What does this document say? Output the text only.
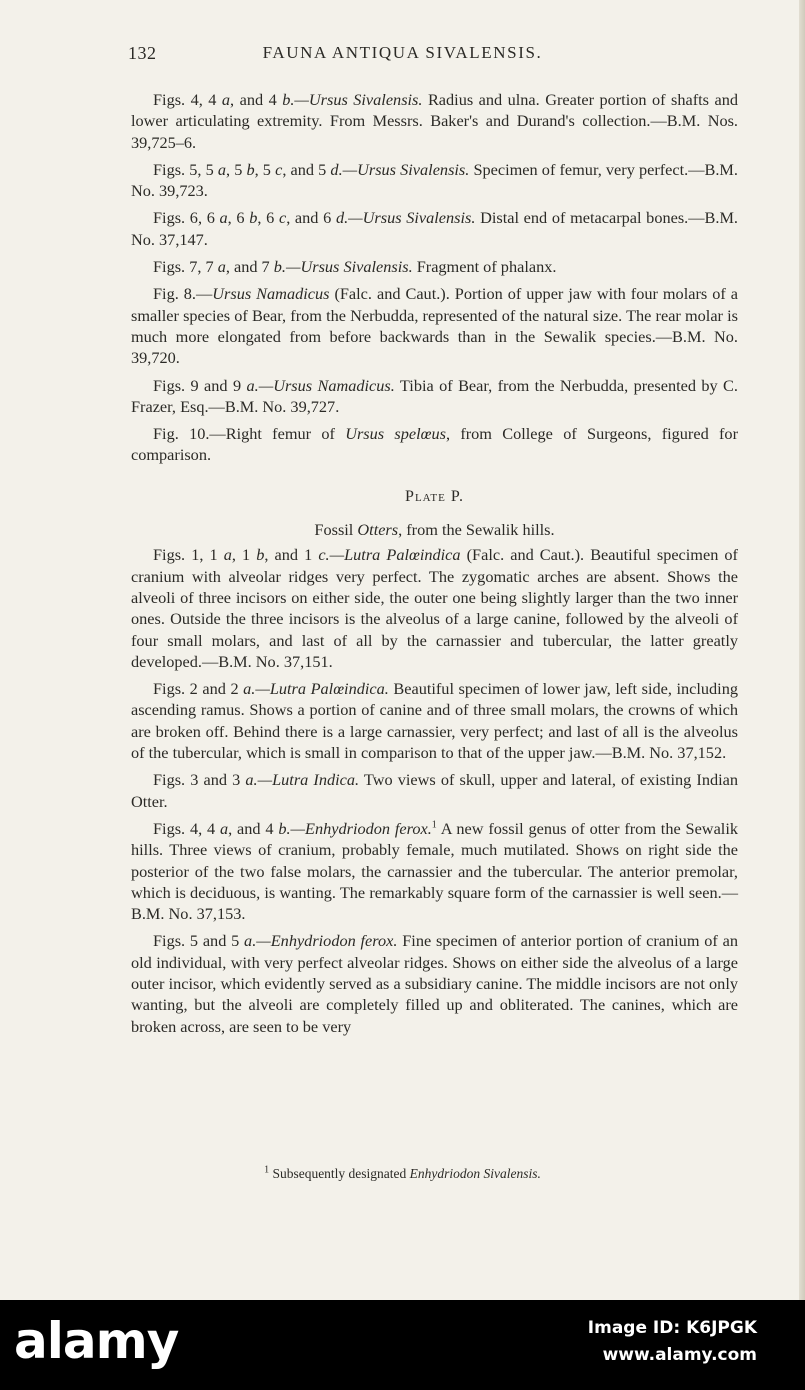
132	FAUNA ANTIQUA SIVALENSIS.

Figs. 4, 4 a, and 4 b.—Ursus Sivalensis. Radius and ulna. Greater portion of shafts and lower articulating extremity. From Messrs. Baker's and Durand's collection.—B.M. Nos. 39,725–6.

Figs. 5, 5 a, 5 b, 5 c, and 5 d.—Ursus Sivalensis. Specimen of femur, very perfect.—B.M. No. 39,723.

Figs. 6, 6 a, 6 b, 6 c, and 6 d.—Ursus Sivalensis. Distal end of metacarpal bones.—B.M. No. 37,147.

Figs. 7, 7 a, and 7 b.—Ursus Sivalensis. Fragment of phalanx.

Fig. 8.—Ursus Namadicus (Falc. and Caut.). Portion of upper jaw with four molars of a smaller species of Bear, from the Nerbudda, represented of the natural size. The rear molar is much more elongated from before backwards than in the Sewalik species.—B.M. No. 39,720.

Figs. 9 and 9 a.—Ursus Namadicus. Tibia of Bear, from the Nerbudda, presented by C. Frazer, Esq.—B.M. No. 39,727.

Fig. 10.—Right femur of Ursus spelœus, from College of Surgeons, figured for comparison.

Plate P.
Fossil Otters, from the Sewalik hills.

Figs. 1, 1 a, 1 b, and 1 c.—Lutra Palœindica (Falc. and Caut.). Beautiful specimen of cranium with alveolar ridges very perfect. The zygomatic arches are absent. Shows the alveoli of three incisors on either side, the outer one being slightly larger than the two inner ones. Outside the three incisors is the alveolus of a large canine, followed by the alveoli of four small molars, and last of all by the carnassier and tubercular, the latter greatly developed.—B.M. No. 37,151.

Figs. 2 and 2 a.—Lutra Palœindica. Beautiful specimen of lower jaw, left side, including ascending ramus. Shows a portion of canine and of three small molars, the crowns of which are broken off. Behind there is a large carnassier, very perfect; and last of all is the alveolus of the tubercular, which is small in comparison to that of the upper jaw.—B.M. No. 37,152.

Figs. 3 and 3 a.—Lutra Indica. Two views of skull, upper and lateral, of existing Indian Otter.

Figs. 4, 4 a, and 4 b.—Enhydriodon ferox.$^1$ A new fossil genus of otter from the Sewalik hills. Three views of cranium, probably female, much mutilated. Shows on right side the posterior of the two false molars, the carnassier and the tubercular. The anterior premolar, which is deciduous, is wanting. The remarkably square form of the carnassier is well seen.—B.M. No. 37,153.

Figs. 5 and 5 a.—Enhydriodon ferox. Fine specimen of anterior portion of cranium of an old individual, with very perfect alveolar ridges. Shows on either side the alveolus of a large outer incisor, which evidently served as a subsidiary canine. The middle incisors are not only wanting, but the alveoli are completely filled up and obliterated. The canines, which are broken across, are seen to be very

$^1$ Subsequently designated Enhydriodon Sivalensis.
alamy	Image ID: K6JPGK
www.alamy.com
